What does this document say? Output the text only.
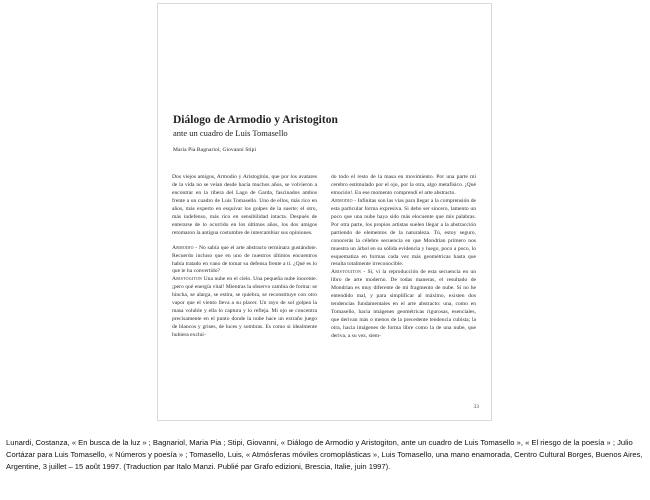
Diálogo de Armodio y Aristogiton
ante un cuadro de Luis Tomasello
Maria Pia Bagnariol, Giovanni Stipi

Dos viejos amigos, Armodio y Aristogitón, que por los avatares de la vida no se veían desde hacía muchos años, se volvieron a encontrar en la ribera del Lago de Garda, fascinados ambos frente a un cuadro de Luis Tomasello. Uno de ellos, más rico en años, más experto en esquivar los golpes de la suerte; el otro, más indefenso, más rico en sensibilidad intacta. Después de enterarse de lo ocurrido en los últimos años, los dos amigos retomaron la antigua costumbre de intercambiar sus opiniones.

Armodio - No sabía que el arte abstracto terminara gustándote. Recuerdo incluso que en uno de nuestros últimos encuentros había tratado en vano de tomar su defensa frente a ti. ¿Qué es lo que te ha convertido?

Aristogiton Una nube en el cielo. Una pequeña nube inocente. ¡pero qué energía vital! Mientras la observo cambia de forma: se hincha, se alarga, se estira, se quiebra, se reconstituye con otro vapor que el viento lleva a su placer. Un rayo de sol golpea la masa voluble y ella lo captura y lo refleja. Mi ojo se concentra precisamente en el punto donde la nube hace un extraño juego de blancos y grises, de luces y sombras. Es como si idealmente hubiera excluí-

do todo el resto de la masa en movimiento. Por una parte mi cerebro estimulado por el ojo, por la otra, algo metafísico. ¡Qué emoción!. En ese momento comprendí el arte abstracto.

Armodio - Infinitas son las vías para llegar a la comprensión de esta particular forma expresiva. Si debo ser sincero, lamento un poco que una nube haya sido más elocuente que mis palabras. Por otra parte, los propios artistas suelen llegar a la abstracción partiendo de elementos de la naturaleza. Tú, estoy seguro, conocerás la célebre secuencia en que Mondrian primero nos muestra un árbol en su sólida evidencia y luego, poco a poco, lo esquematiza en formas cada vez más geométricas hasta que resulta totalmente irreconocible.

Aristogiton - Sí, vi la reproducción de esta secuencia en un libro de arte moderno. De todas maneras, el resultado de Mondrian es muy diferente de mi fragmento de nube. Si no he entendido mal, y para simplificar al máximo, existen dos tendencias fundamentales en el arte abstracto: una, como en Tomasello, hacia imágenes geométricas rigurosas, esenciales, que derivan más o menos de la precedente tendencia cubista; la otra, hacia imágenes de forma libre como la de una nube, que deriva, a su vez, siem-

33

Lunardi, Costanza, « En busca de la luz » ; Bagnariol, Maria Pia ; Stipi, Giovanni, « Diálogo de Armodio y Aristogiton, ante un cuadro de Luis Tomasello », « El riesgo de la poesía » ; Julio Cortázar para Luis Tomasello, « Números y poesía » ; Tomasello, Luis, « Atmósferas móviles cromoplásticas », Luis Tomasello, una mano enamorada, Centro Cultural Borges, Buenos Aires, Argentine, 3 juillet – 15 août 1997. (Traduction par Italo Manzi. Publié par Grafo edizioni, Brescia, Italie, juin 1997).
